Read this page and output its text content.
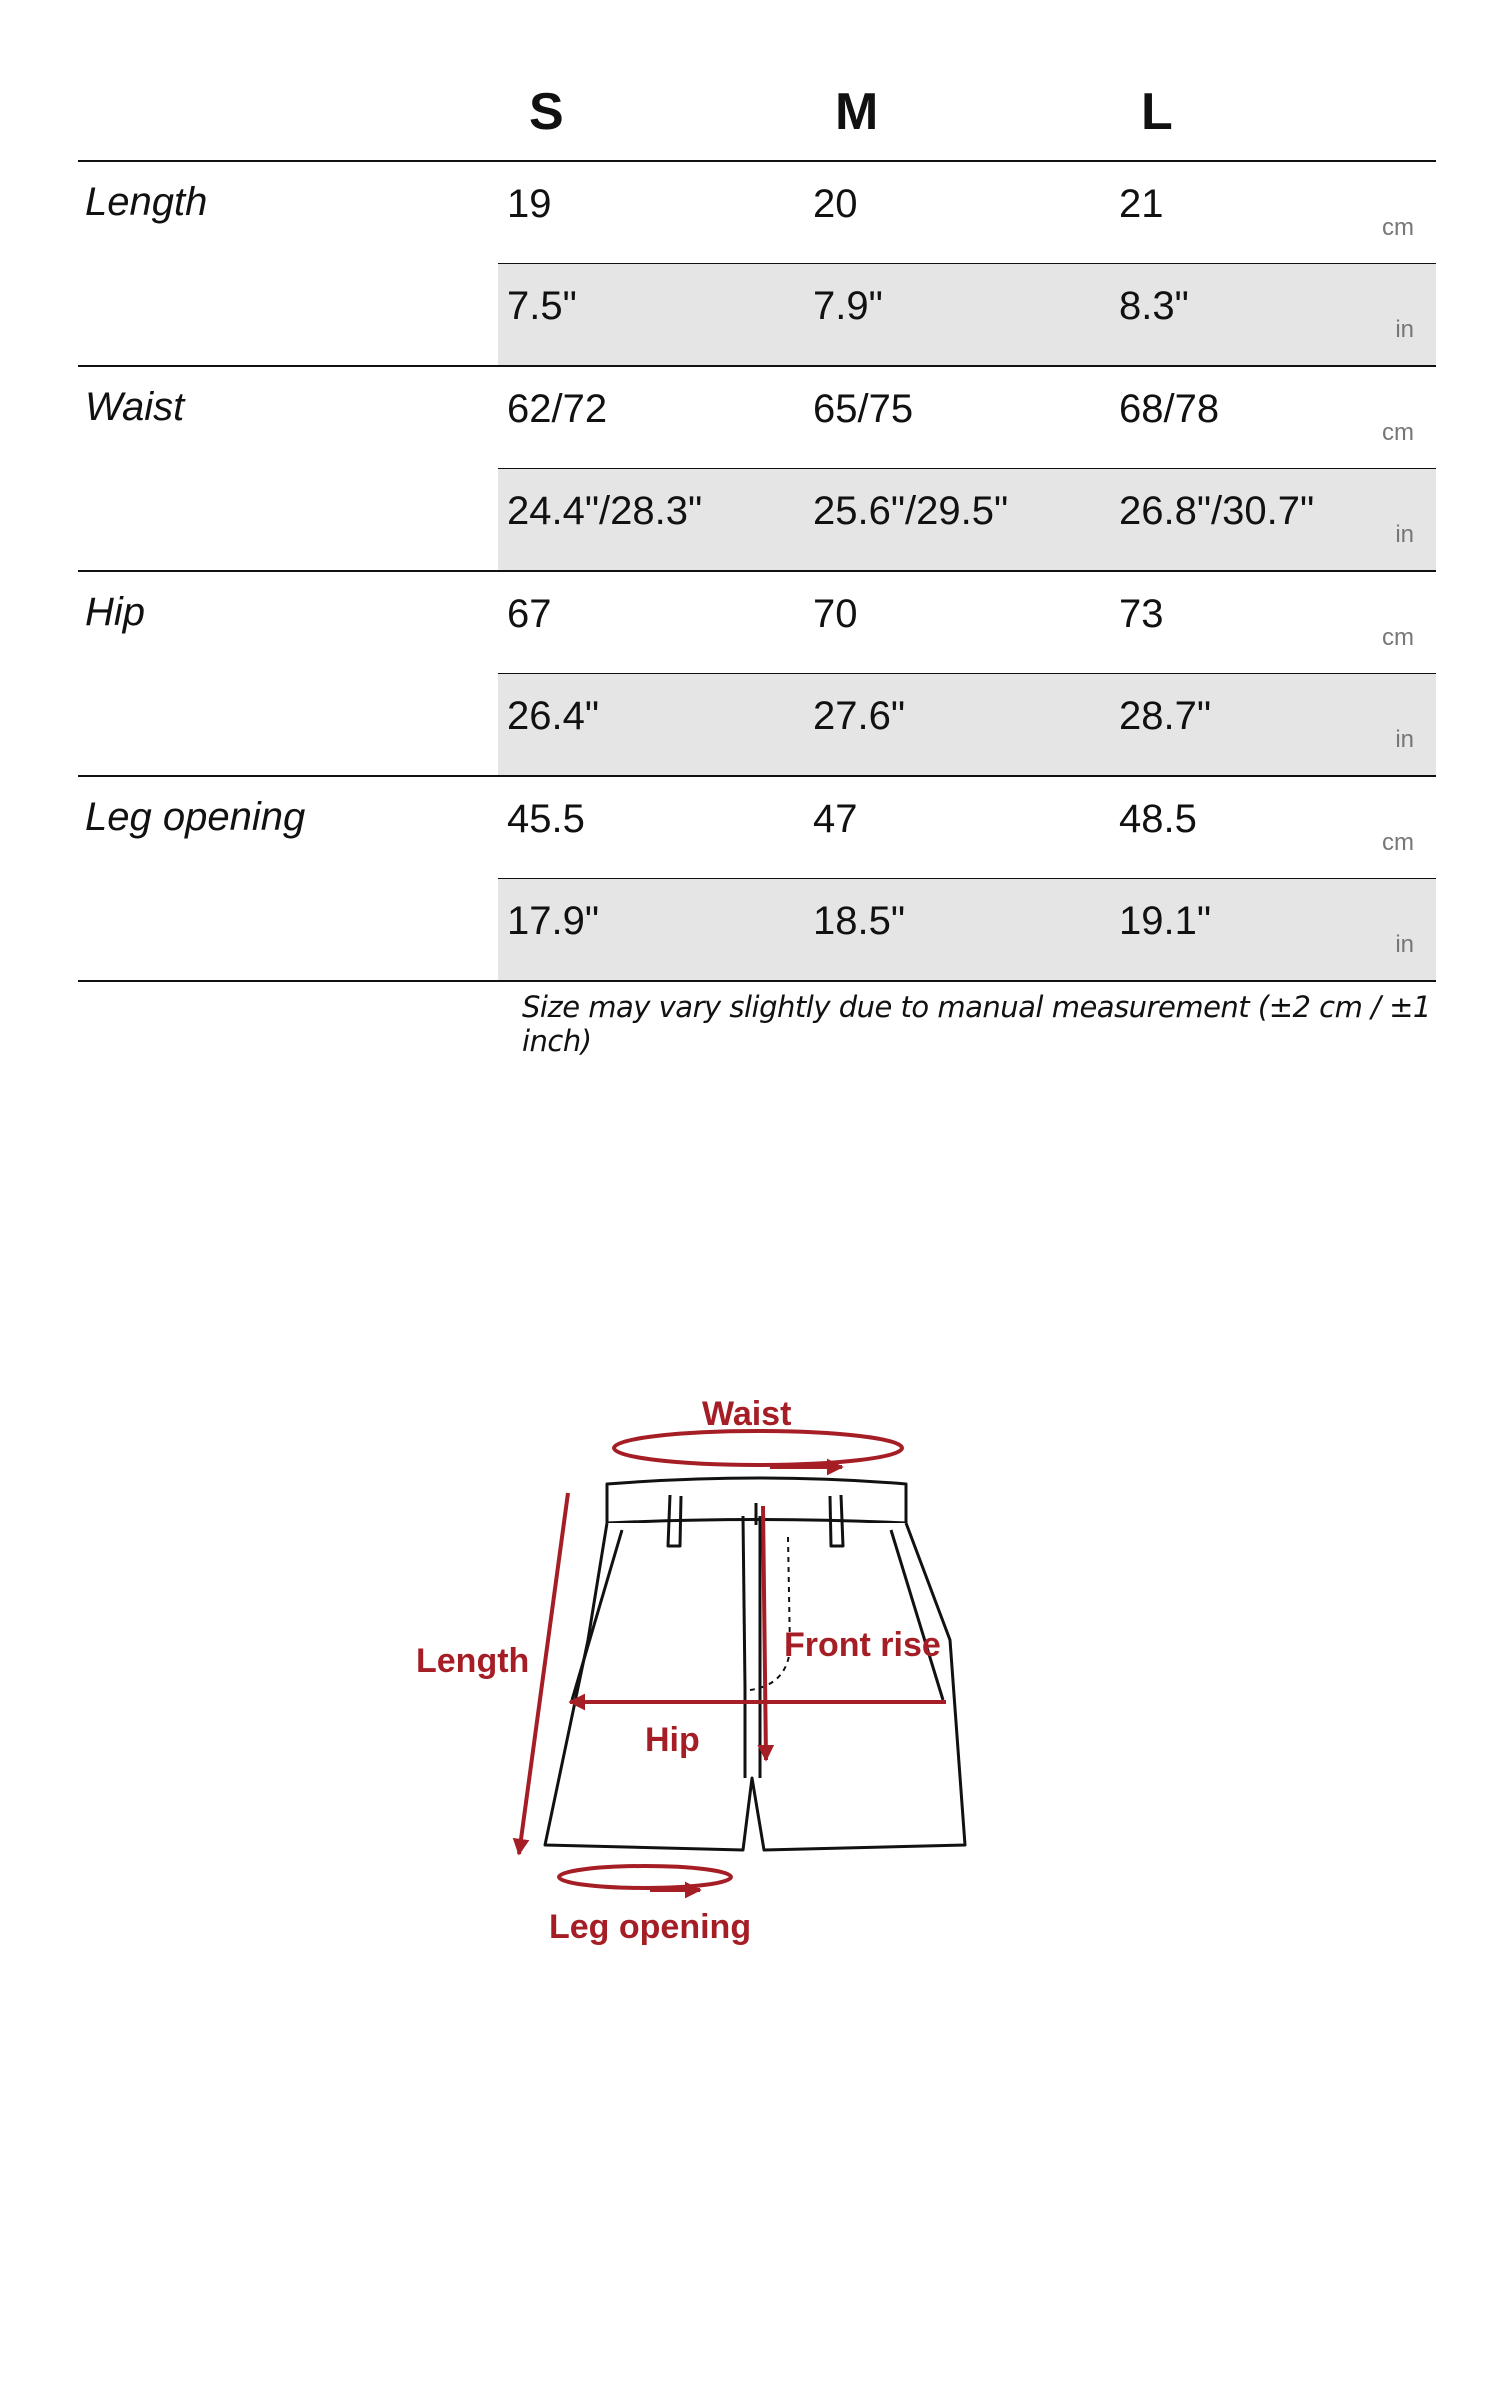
S	M	L
Length	19	20	21
cm
7.5"	7.9"	8.3"
in
Waist	62/72	65/75	68/78
cm
24.4"/28.3"	25.6"/29.5"	26.8"/30.7"
in
Hip	67	70	73
cm
26.4"	27.6"	28.7"
in
Leg opening	45.5	47	48.5
cm
17.9"	18.5"	19.1"
in
Size may vary slightly due to manual measurement (±2 cm / ±1 inch)
Waist
Length	Front rise
Hip
Leg opening
